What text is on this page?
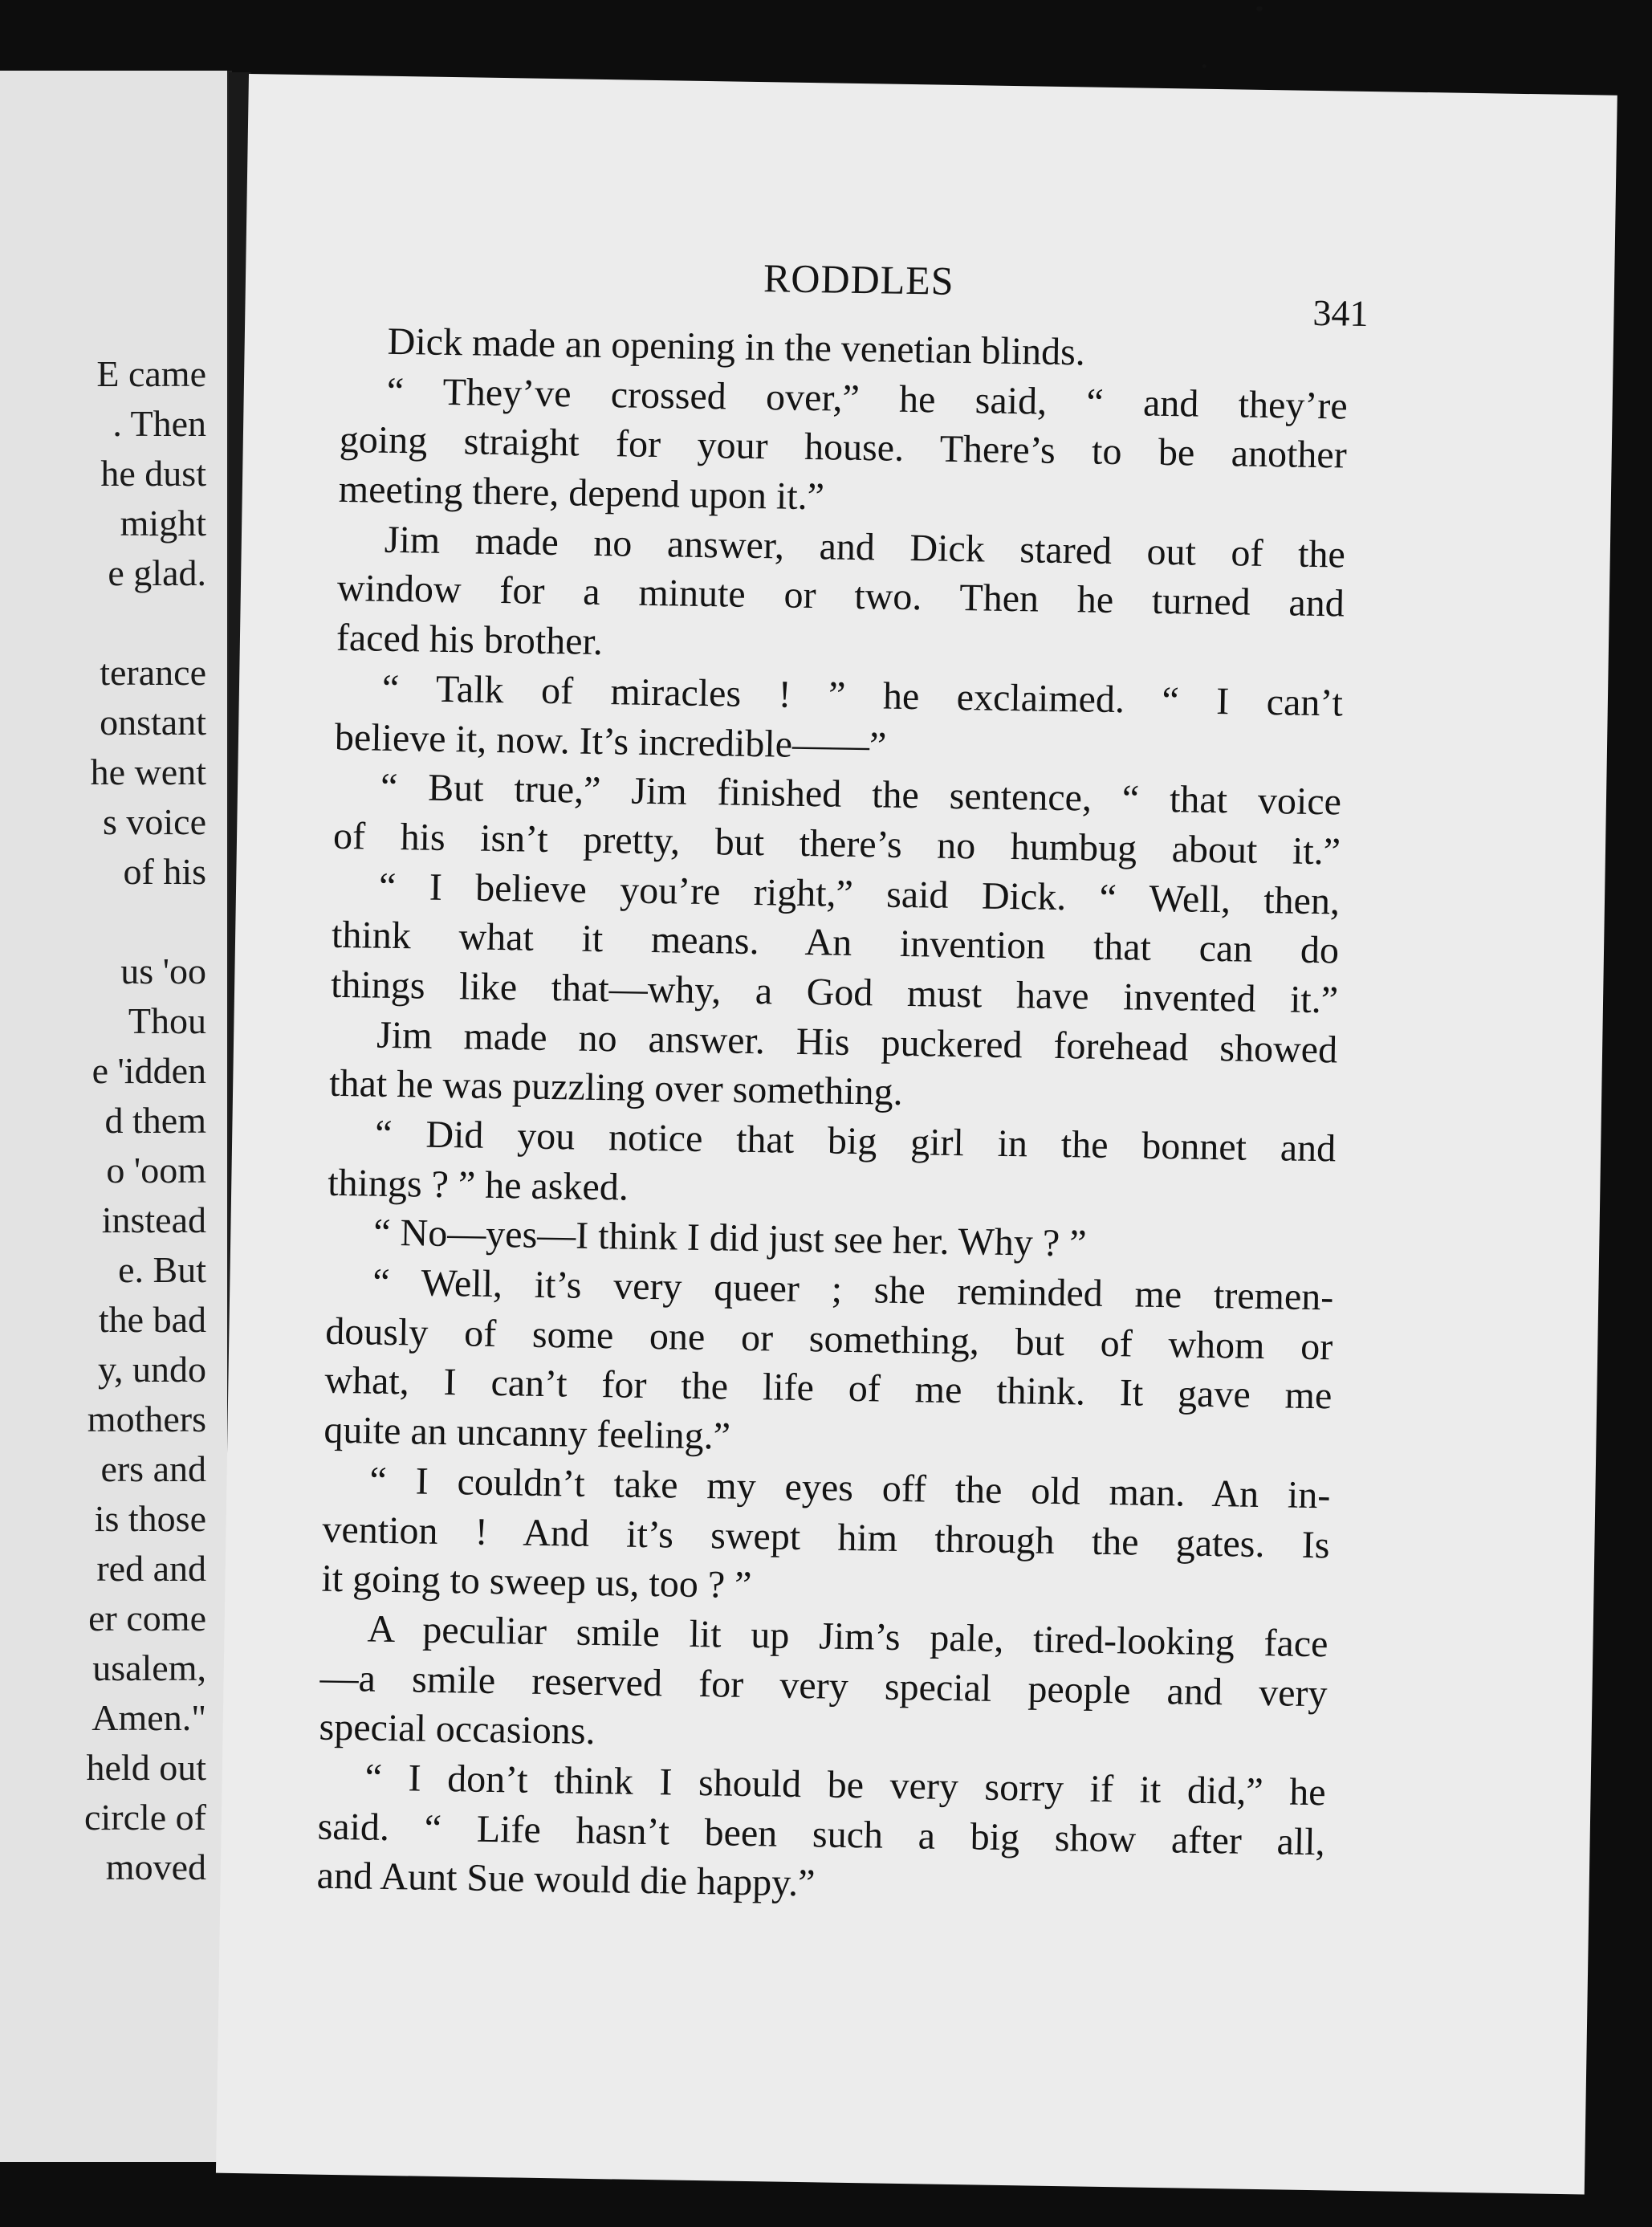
E came
. Then
he dust
might
e glad.
terance
onstant
he went
s voice
of his
us 'oo
Thou
e 'idden
d them
o 'oom
instead
e. But
the bad
y, undo
mothers
ers and
is those
red and
er come
usalem,
Amen."
held out
circle of
moved
RODDLES
341
Dick made an opening in the venetian blinds.
“ They’ve crossed over,” he said, “ and they’re
going straight for your house. There’s to be another
meeting there, depend upon it.”
Jim made no answer, and Dick stared out of the
window for a minute or two. Then he turned and
faced his brother.
“ Talk of miracles ! ” he exclaimed. “ I can’t
believe it, now. It’s incredible——”
“ But true,” Jim finished the sentence, “ that voice
of his isn’t pretty, but there’s no humbug about it.”
“ I believe you’re right,” said Dick. “ Well, then,
think what it means. An invention that can do
things like that—why, a God must have invented it.”
Jim made no answer. His puckered forehead showed
that he was puzzling over something.
“ Did you notice that big girl in the bonnet and
things ? ” he asked.
“ No—yes—I think I did just see her. Why ? ”
“ Well, it’s very queer ; she reminded me tremen-
dously of some one or something, but of whom or
what, I can’t for the life of me think. It gave me
quite an uncanny feeling.”
“ I couldn’t take my eyes off the old man. An in-
vention ! And it’s swept him through the gates. Is
it going to sweep us, too ? ”
A peculiar smile lit up Jim’s pale, tired-looking face
—a smile reserved for very special people and very
special occasions.
“ I don’t think I should be very sorry if it did,” he
said. “ Life hasn’t been such a big show after all,
and Aunt Sue would die happy.”
